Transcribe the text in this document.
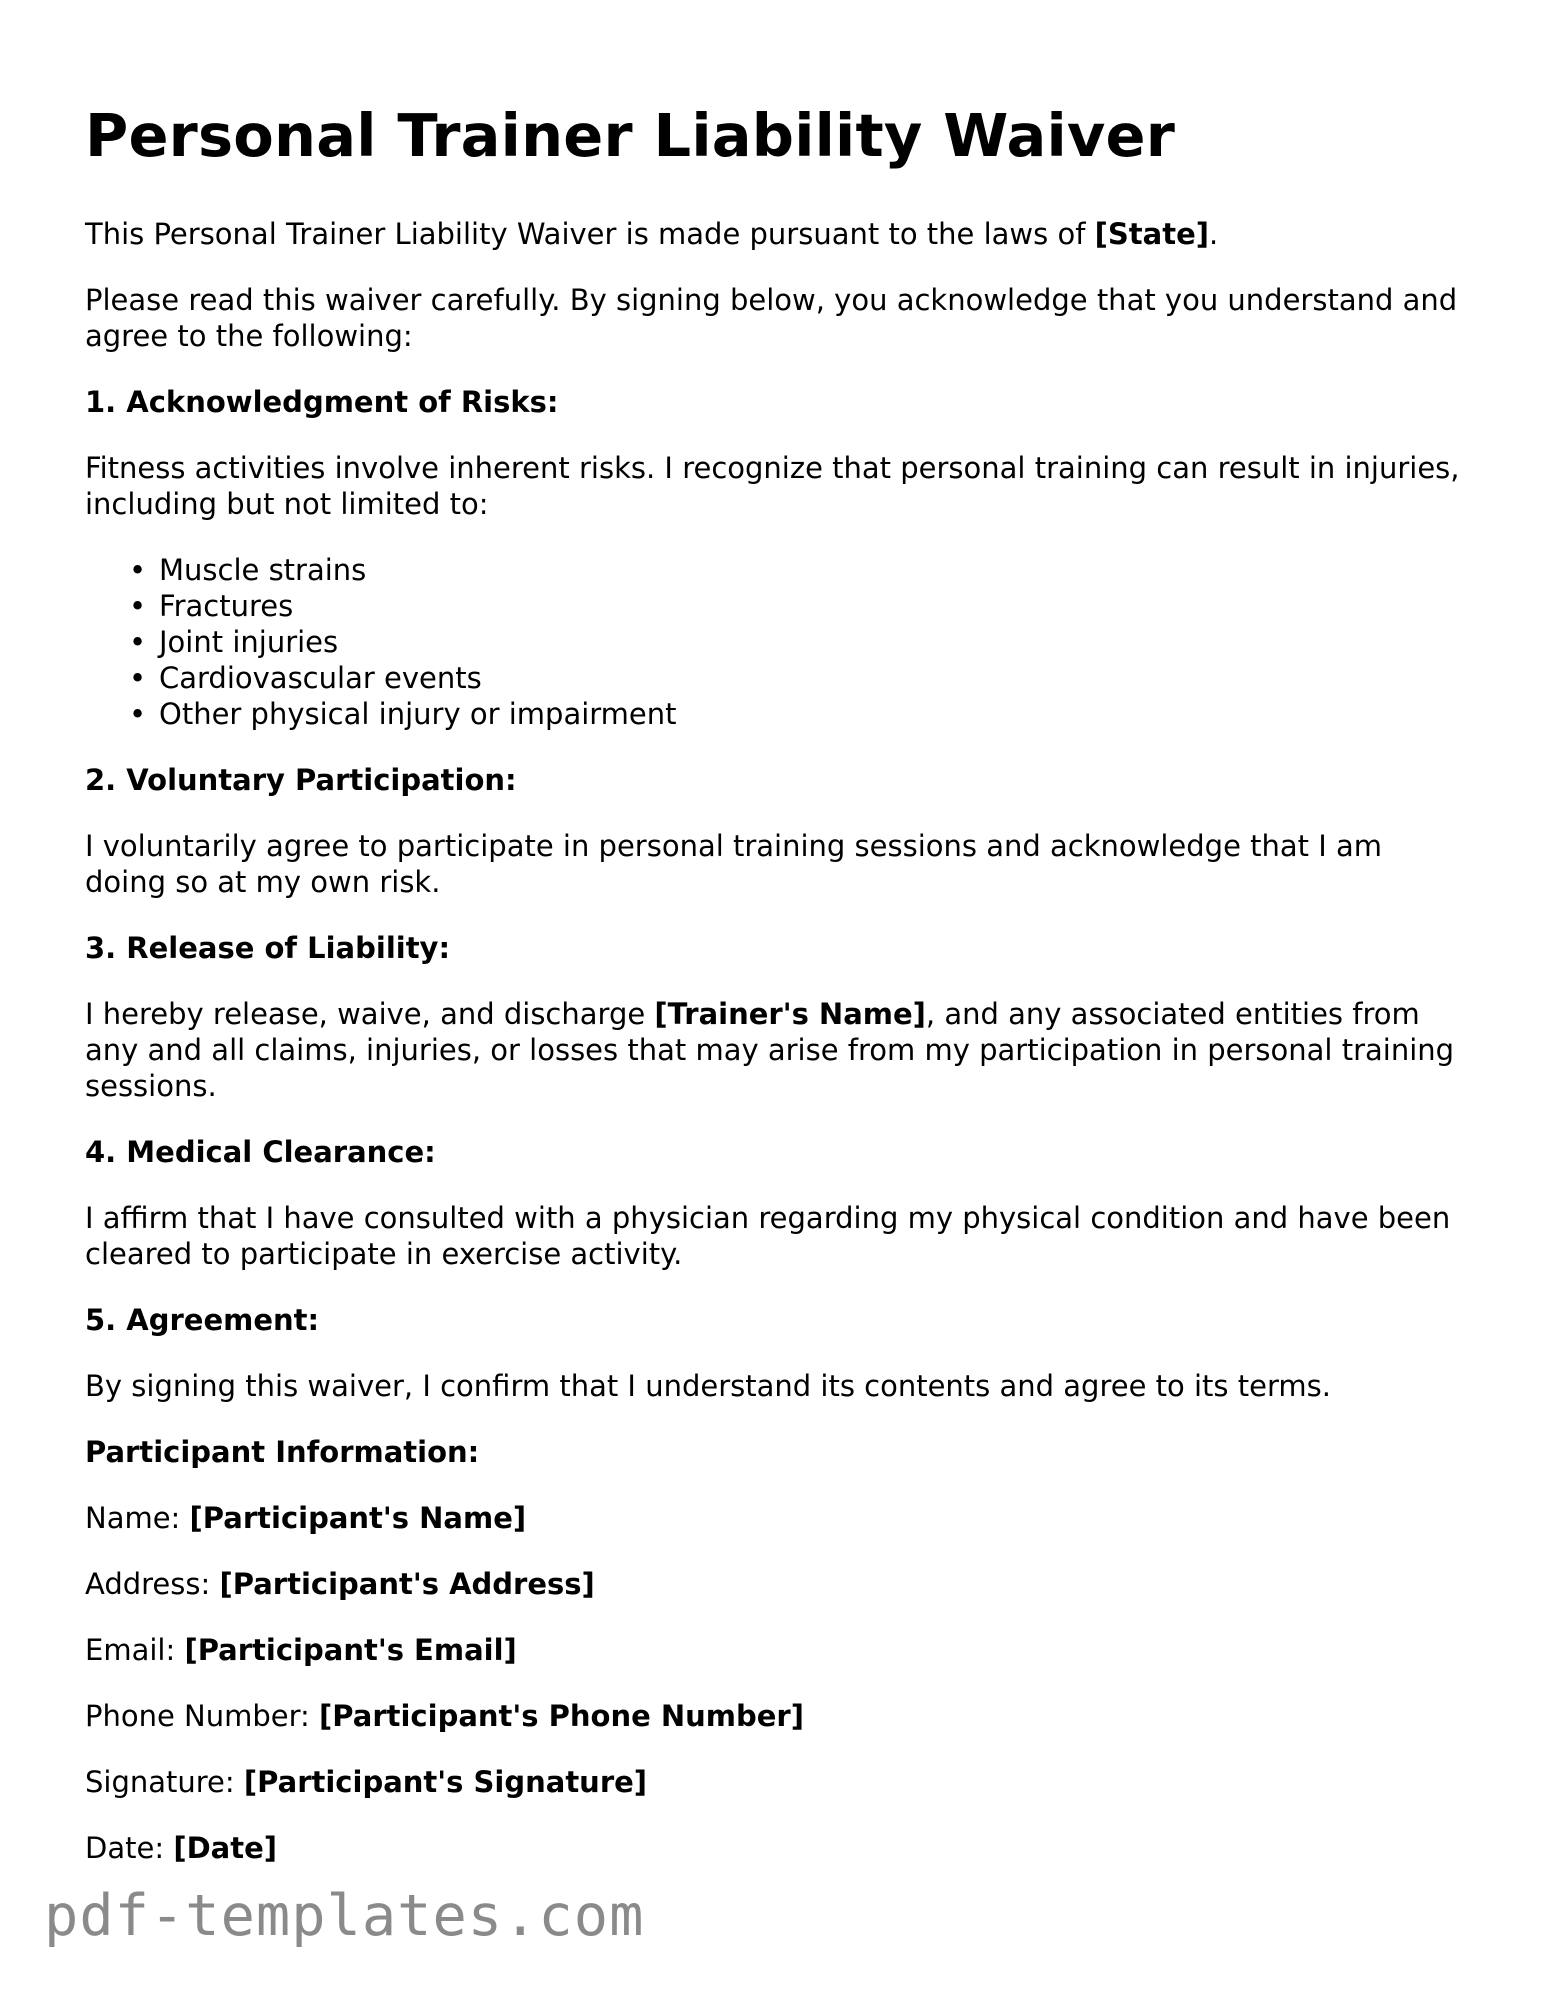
Personal Trainer Liability Waiver

This Personal Trainer Liability Waiver is made pursuant to the laws of [State].

Please read this waiver carefully. By signing below, you acknowledge that you understand and agree to the following:

1. Acknowledgment of Risks:

Fitness activities involve inherent risks. I recognize that personal training can result in injuries, including but not limited to:

• Muscle strains
• Fractures
• Joint injuries
• Cardiovascular events
• Other physical injury or impairment

2. Voluntary Participation:

I voluntarily agree to participate in personal training sessions and acknowledge that I am doing so at my own risk.

3. Release of Liability:

I hereby release, waive, and discharge [Trainer's Name], and any associated entities from any and all claims, injuries, or losses that may arise from my participation in personal training sessions.

4. Medical Clearance:

I affirm that I have consulted with a physician regarding my physical condition and have been cleared to participate in exercise activity.

5. Agreement:

By signing this waiver, I confirm that I understand its contents and agree to its terms.

Participant Information:

Name: [Participant's Name]

Address: [Participant's Address]

Email: [Participant's Email]

Phone Number: [Participant's Phone Number]

Signature: [Participant's Signature]

Date: [Date]

pdf-templates.com
